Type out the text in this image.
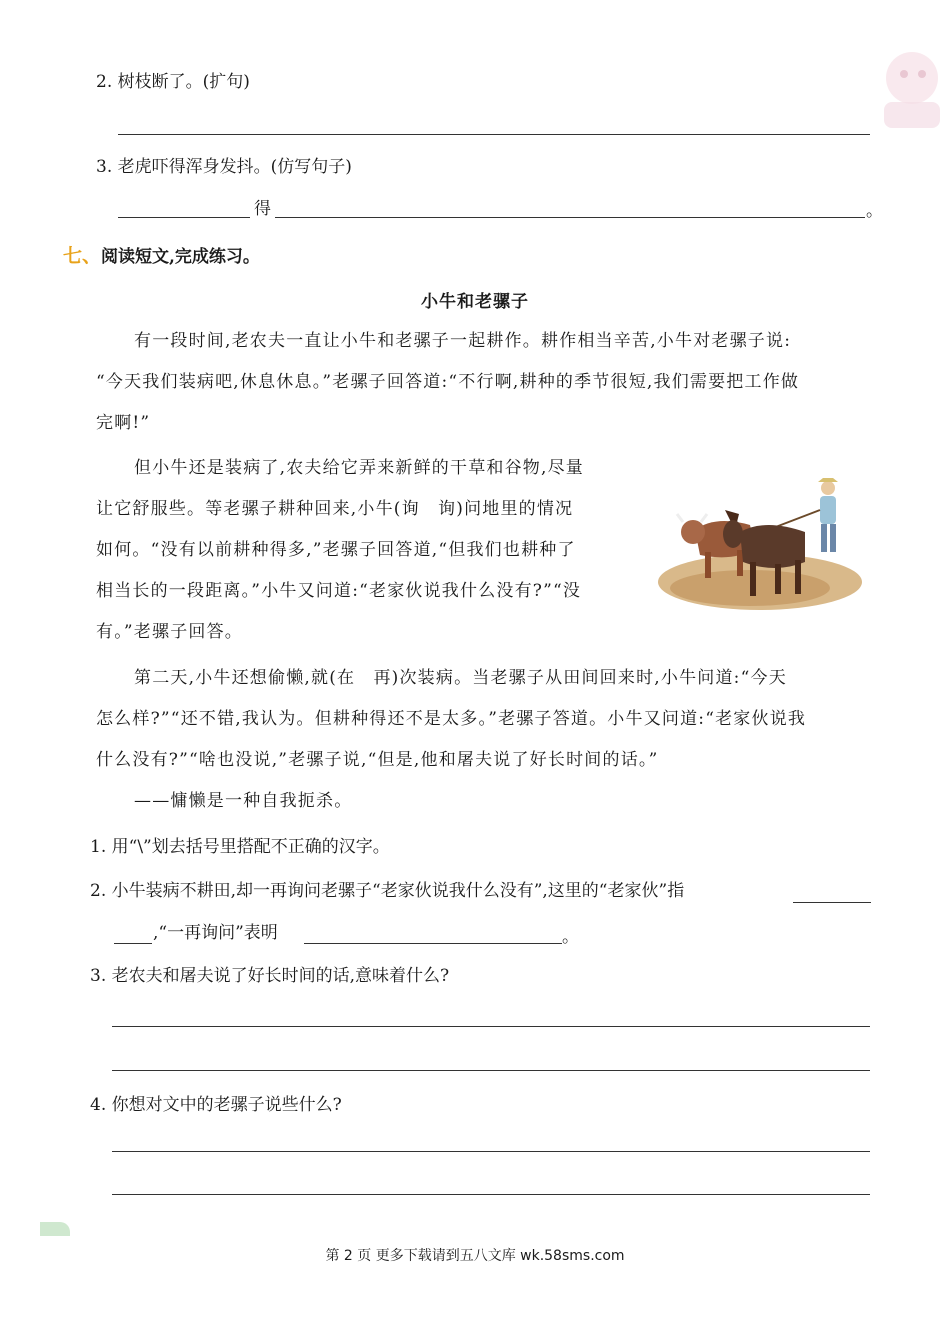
2. 树枝断了。(扩句)
3. 老虎吓得浑身发抖。(仿写句子)
得	。
七、阅读短文,完成练习。
小牛和老骡子
有一段时间,老农夫一直让小牛和老骡子一起耕作。耕作相当辛苦,小牛对老骡子说:
“今天我们装病吧,休息休息。”老骡子回答道:“不行啊,耕种的季节很短,我们需要把工作做
完啊!”
但小牛还是装病了,农夫给它弄来新鲜的干草和谷物,尽量
让它舒服些。等老骡子耕种回来,小牛(询　询)问地里的情况
如何。“没有以前耕种得多,”老骡子回答道,“但我们也耕种了
相当长的一段距离。”小牛又问道:“老家伙说我什么没有?”“没
有。”老骡子回答。
第二天,小牛还想偷懒,就(在　再)次装病。当老骡子从田间回来时,小牛问道:“今天
怎么样?”“还不错,我认为。但耕种得还不是太多。”老骡子答道。小牛又问道:“老家伙说我
什么没有?”“啥也没说,”老骡子说,“但是,他和屠夫说了好长时间的话。”
——慵懒是一种自我扼杀。
1. 用“\”划去括号里搭配不正确的汉字。
2. 小牛装病不耕田,却一再询问老骡子“老家伙说我什么没有”,这里的“老家伙”指
,“一再询问”表明	。
3. 老农夫和屠夫说了好长时间的话,意味着什么?
4. 你想对文中的老骡子说些什么?
第 2 页 更多下载请到五八文库 wk.58sms.com
